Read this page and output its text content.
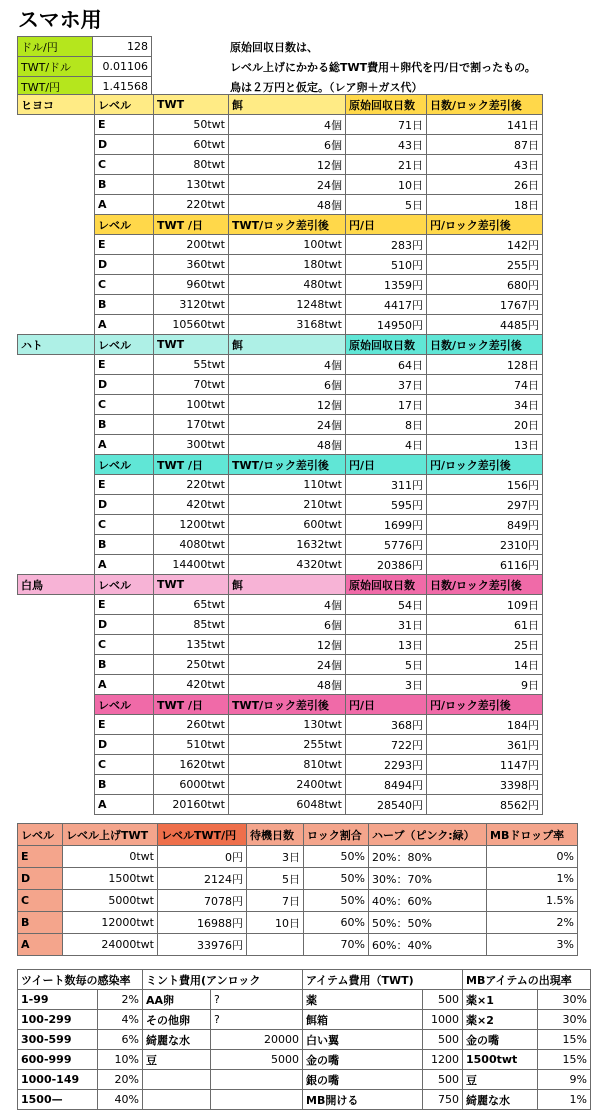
スマホ用
ドル/円	128
TWT/ドル	0.01106
TWT/円	1.41568
原始回収日数は、
レベル上げにかかる総TWT費用＋卵代を円/日で割ったもの。
鳥は２万円と仮定。（レア卵＋ガス代）
ヒヨコ	レベル	TWT	餌	原始回収日数	日数/ロック差引後
	E	50twt	4個	71日	141日
	D	60twt	6個	43日	87日
	C	80twt	12個	21日	43日
	B	130twt	24個	10日	26日
	A	220twt	48個	5日	18日
	レベル	TWT /日	TWT/ロック差引後	円/日	円/ロック差引後
	E	200twt	100twt	283円	142円
	D	360twt	180twt	510円	255円
	C	960twt	480twt	1359円	680円
	B	3120twt	1248twt	4417円	1767円
	A	10560twt	3168twt	14950円	4485円
ハト	レベル	TWT	餌	原始回収日数	日数/ロック差引後
	E	55twt	4個	64日	128日
	D	70twt	6個	37日	74日
	C	100twt	12個	17日	34日
	B	170twt	24個	8日	20日
	A	300twt	48個	4日	13日
	レベル	TWT /日	TWT/ロック差引後	円/日	円/ロック差引後
	E	220twt	110twt	311円	156円
	D	420twt	210twt	595円	297円
	C	1200twt	600twt	1699円	849円
	B	4080twt	1632twt	5776円	2310円
	A	14400twt	4320twt	20386円	6116円
白鳥	レベル	TWT	餌	原始回収日数	日数/ロック差引後
	E	65twt	4個	54日	109日
	D	85twt	6個	31日	61日
	C	135twt	12個	13日	25日
	B	250twt	24個	5日	14日
	A	420twt	48個	3日	9日
	レベル	TWT /日	TWT/ロック差引後	円/日	円/ロック差引後
	E	260twt	130twt	368円	184円
	D	510twt	255twt	722円	361円
	C	1620twt	810twt	2293円	1147円
	B	6000twt	2400twt	8494円	3398円
	A	20160twt	6048twt	28540円	8562円
レベル	レベル上げTWT	レベルTWT/円	待機日数	ロック割合	ハーブ（ピンク:緑）	MBドロップ率
E	0twt	0円	3日	50%	20%：80%	0%
D	1500twt	2124円	5日	50%	30%：70%	1%
C	5000twt	7078円	7日	50%	40%：60%	1.5%
B	12000twt	16988円	10日	60%	50%：50%	2%
A	24000twt	33976円		70%	60%：40%	3%
ツイート数毎の感染率		ミント費用(アンロック		アイテム費用（TWT)		MBアイテムの出現率	
1-99	2%	AA卵	?	薬	500	薬×1	30%
100-299	4%	その他卵	?	餌箱	1000	薬×2	30%
300-599	6%	綺麗な水	20000	白い翼	500	金の嘴	15%
600-999	10%	豆	5000	金の嘴	1200	1500twt	15%
1000-149	20%			銀の嘴	500	豆	9%
1500—	40%			MB開ける	750	綺麗な水	1%
